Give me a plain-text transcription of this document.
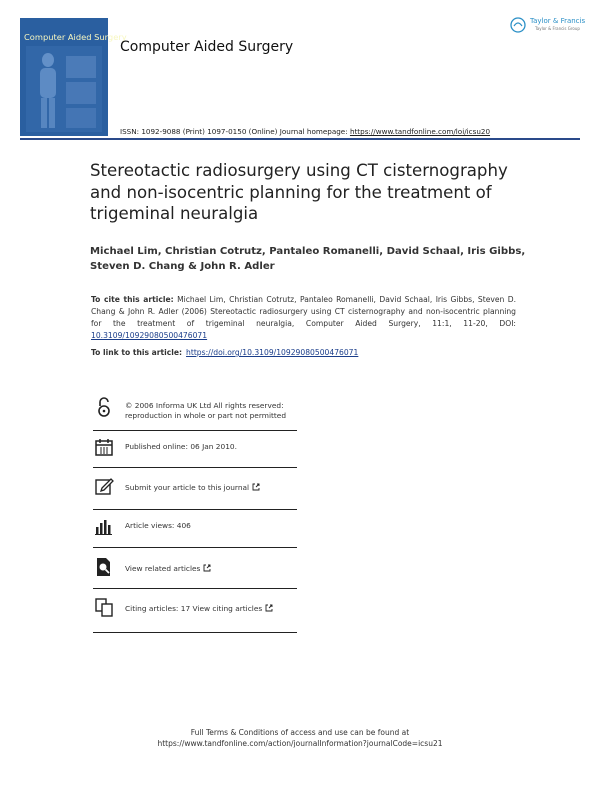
Computer Aided Surgery
Computer Aided Surgery
Taylor & Francis
Taylor & Francis Group
ISSN: 1092-9088 (Print) 1097-0150 (Online) Journal homepage: https://www.tandfonline.com/loi/icsu20
Stereotactic radiosurgery using CT cisternography and non-isocentric planning for the treatment of trigeminal neuralgia
Michael Lim, Christian Cotrutz, Pantaleo Romanelli, David Schaal, Iris Gibbs,
Steven D. Chang & John R. Adler
To cite this article: Michael Lim, Christian Cotrutz, Pantaleo Romanelli, David Schaal, Iris Gibbs, Steven D. Chang & John R. Adler (2006) Stereotactic radiosurgery using CT cisternography and non-isocentric planning for the treatment of trigeminal neuralgia, Computer Aided Surgery, 11:1, 11-20, DOI: 10.3109/10929080500476071
To link to this article: https://doi.org/10.3109/10929080500476071
© 2006 Informa UK Ltd All rights reserved:
reproduction in whole or part not permitted
Published online: 06 Jan 2010.
Submit your article to this journal
Article views: 406
View related articles
Citing articles: 17 View citing articles
Full Terms & Conditions of access and use can be found at
https://www.tandfonline.com/action/journalInformation?journalCode=icsu21
